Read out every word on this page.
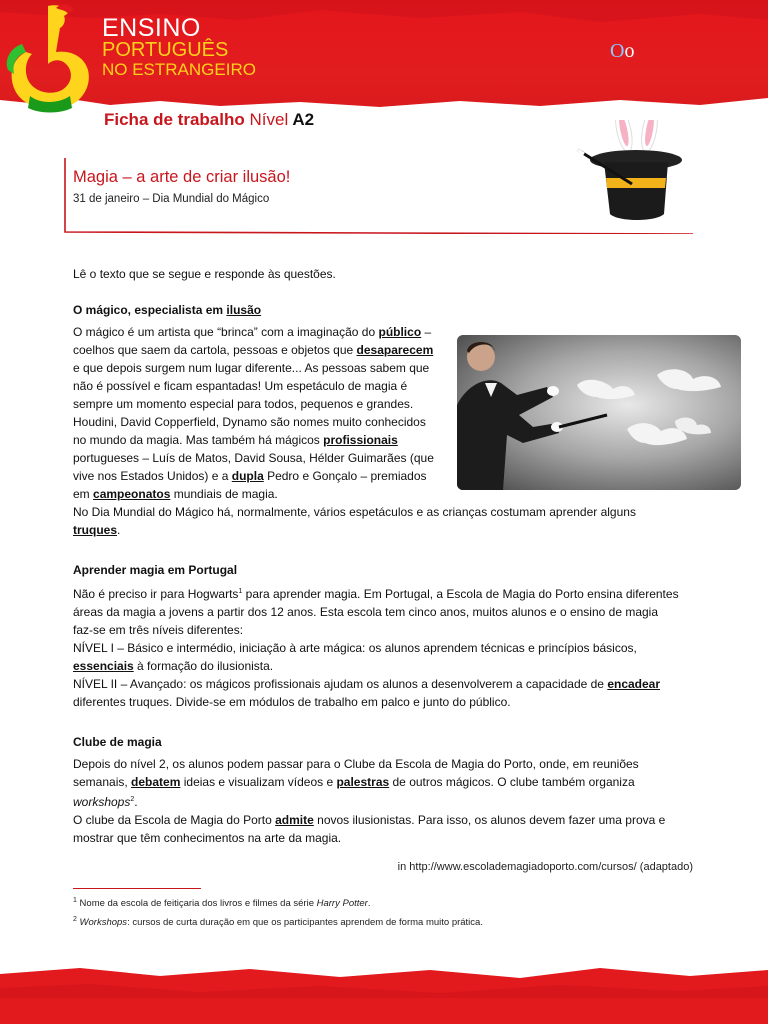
ENSINO
PORTUGUÊS
NO ESTRANGEIRO
Oo
Ficha de trabalho Nível A2
Magia – a arte de criar ilusão!
31 de janeiro – Dia Mundial do Mágico

Lê o texto que se segue e responde às questões.

O mágico, especialista em ilusão

O mágico é um artista que “brinca” com a imaginação do público –
coelhos que saem da cartola, pessoas e objetos que desaparecem
e que depois surgem num lugar diferente... As pessoas sabem que
não é possível e ficam espantadas! Um espetáculo de magia é
sempre um momento especial para todos, pequenos e grandes.

Houdini, David Copperfield, Dynamo são nomes muito conhecidos
no mundo da magia. Mas também há mágicos profissionais
portugueses – Luís de Matos, David Sousa, Hélder Guimarães (que
vive nos Estados Unidos) e a dupla Pedro e Gonçalo – premiados
em campeonatos mundiais de magia.

No Dia Mundial do Mágico há, normalmente, vários espetáculos e as crianças costumam aprender alguns
truques.

Aprender magia em Portugal

Não é preciso ir para Hogwarts$^1$ para aprender magia. Em Portugal, a Escola de Magia do Porto ensina diferentes
áreas da magia a jovens a partir dos 12 anos. Esta escola tem cinco anos, muitos alunos e o ensino de magia
faz-se em três níveis diferentes:

NÍVEL I – Básico e intermédio, iniciação à arte mágica: os alunos aprendem técnicas e princípios básicos,
essenciais à formação do ilusionista.

NÍVEL II – Avançado: os mágicos profissionais ajudam os alunos a desenvolverem a capacidade de encadear
diferentes truques. Divide-se em módulos de trabalho em palco e junto do público.

Clube de magia

Depois do nível 2, os alunos podem passar para o Clube da Escola de Magia do Porto, onde, em reuniões
semanais, debatem ideias e visualizam vídeos e palestras de outros mágicos. O clube também organiza
workshops$^2$.

O clube da Escola de Magia do Porto admite novos ilusionistas. Para isso, os alunos devem fazer uma prova e
mostrar que têm conhecimentos na arte da magia.

in http://www.escolademagiadoporto.com/cursos/ (adaptado)
$^1$ Nome da escola de feitiçaria dos livros e filmes da série Harry Potter.
$^2$ Workshops: cursos de curta duração em que os participantes aprendem de forma muito prática.
